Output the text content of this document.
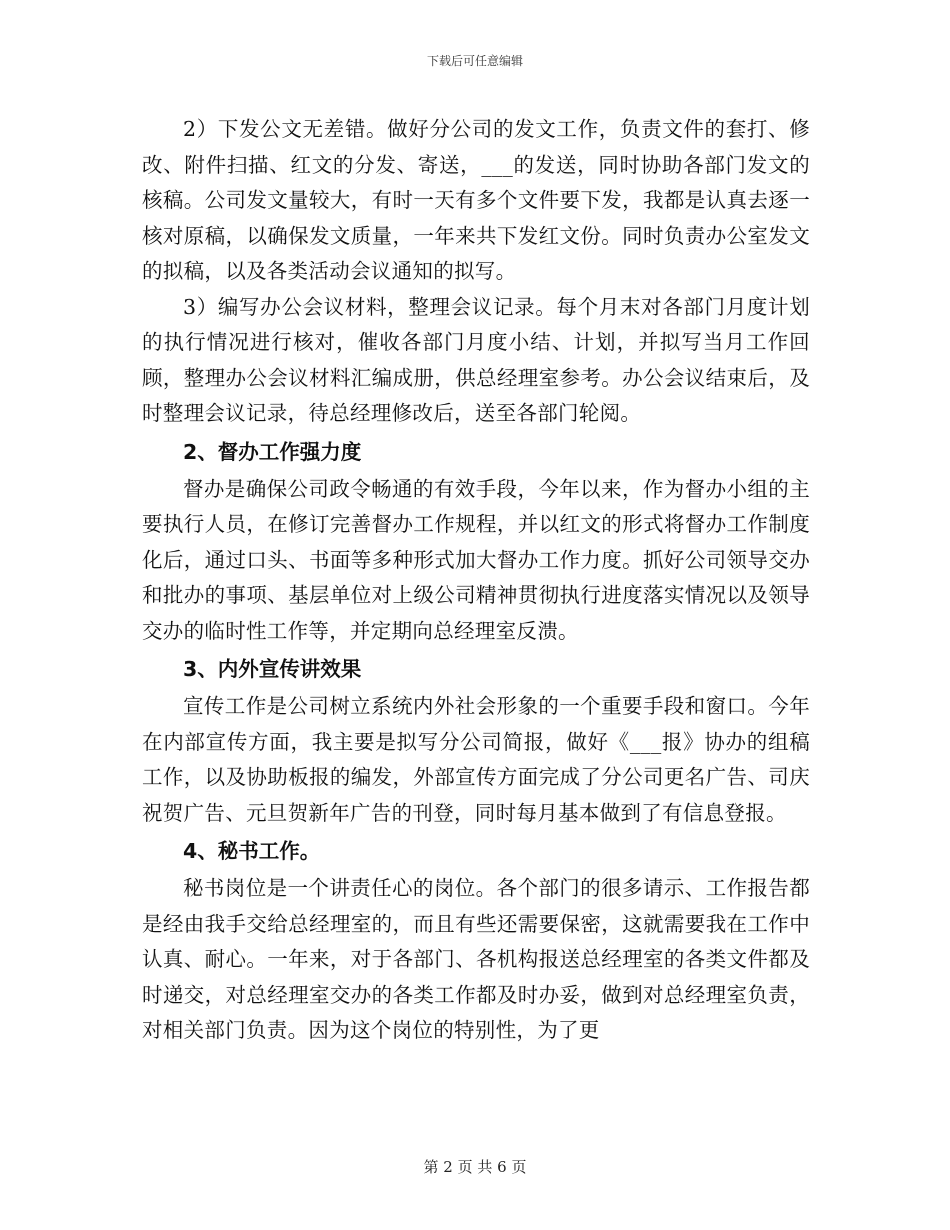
下载后可任意编辑

2）下发公文无差错。做好分公司的发文工作，负责文件的套打、修改、附件扫描、红文的分发、寄送，___的发送，同时协助各部门发文的核稿。公司发文量较大，有时一天有多个文件要下发，我都是认真去逐一核对原稿，以确保发文质量，一年来共下发红文份。同时负责办公室发文的拟稿，以及各类活动会议通知的拟写。

3）编写办公会议材料，整理会议记录。每个月末对各部门月度计划的执行情况进行核对，催收各部门月度小结、计划，并拟写当月工作回顾，整理办公会议材料汇编成册，供总经理室参考。办公会议结束后，及时整理会议记录，待总经理修改后，送至各部门轮阅。

2、督办工作强力度

督办是确保公司政令畅通的有效手段，今年以来，作为督办小组的主要执行人员，在修订完善督办工作规程，并以红文的形式将督办工作制度化后，通过口头、书面等多种形式加大督办工作力度。抓好公司领导交办和批办的事项、基层单位对上级公司精神贯彻执行进度落实情况以及领导交办的临时性工作等，并定期向总经理室反溃。

3、内外宣传讲效果

宣传工作是公司树立系统内外社会形象的一个重要手段和窗口。今年在内部宣传方面，我主要是拟写分公司简报，做好《___报》协办的组稿工作，以及协助板报的编发，外部宣传方面完成了分公司更名广告、司庆祝贺广告、元旦贺新年广告的刊登，同时每月基本做到了有信息登报。

4、秘书工作。

秘书岗位是一个讲责任心的岗位。各个部门的很多请示、工作报告都是经由我手交给总经理室的，而且有些还需要保密，这就需要我在工作中认真、耐心。一年来，对于各部门、各机构报送总经理室的各类文件都及时递交，对总经理室交办的各类工作都及时办妥，做到对总经理室负责，对相关部门负责。因为这个岗位的特别性，为了更

第 2 页 共 6 页
